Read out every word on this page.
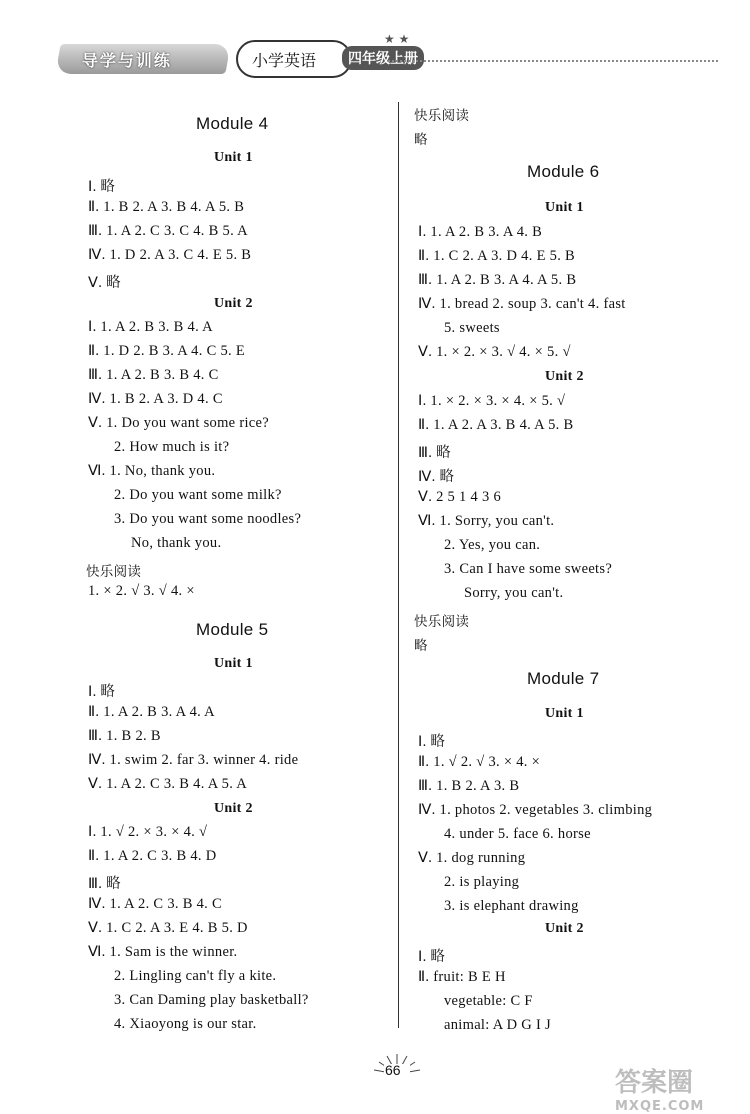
导学与训练	小学英语	四年级上册
★ ★
Module 4
Unit 1
Ⅰ. 略
Ⅱ. 1. B 2. A 3. B 4. A 5. B
Ⅲ. 1. A 2. C 3. C 4. B 5. A
Ⅳ. 1. D 2. A 3. C 4. E 5. B
Ⅴ. 略
Unit 2
Ⅰ. 1. A 2. B 3. B 4. A
Ⅱ. 1. D 2. B 3. A 4. C 5. E
Ⅲ. 1. A 2. B 3. B 4. C
Ⅳ. 1. B 2. A 3. D 4. C
Ⅴ. 1. Do you want some rice?
2. How much is it?
Ⅵ. 1. No, thank you.
2. Do you want some milk?
3. Do you want some noodles?
No, thank you.
快乐阅读
1. × 2. √ 3. √ 4. ×
Module 5
Unit 1
Ⅰ. 略
Ⅱ. 1. A 2. B 3. A 4. A
Ⅲ. 1. B 2. B
Ⅳ. 1. swim 2. far 3. winner 4. ride
Ⅴ. 1. A 2. C 3. B 4. A 5. A
Unit 2
Ⅰ. 1. √ 2. × 3. × 4. √
Ⅱ. 1. A 2. C 3. B 4. D
Ⅲ. 略
Ⅳ. 1. A 2. C 3. B 4. C
Ⅴ. 1. C 2. A 3. E 4. B 5. D
Ⅵ. 1. Sam is the winner.
2. Lingling can't fly a kite.
3. Can Daming play basketball?
4. Xiaoyong is our star.
快乐阅读
略
Module 6
Unit 1
Ⅰ. 1. A 2. B 3. A 4. B
Ⅱ. 1. C 2. A 3. D 4. E 5. B
Ⅲ. 1. A 2. B 3. A 4. A 5. B
Ⅳ. 1. bread 2. soup 3. can't 4. fast
5. sweets
Ⅴ. 1. × 2. × 3. √ 4. × 5. √
Unit 2
Ⅰ. 1. × 2. × 3. × 4. × 5. √
Ⅱ. 1. A 2. A 3. B 4. A 5. B
Ⅲ. 略
Ⅳ. 略
Ⅴ. 2 5 1 4 3 6
Ⅵ. 1. Sorry, you can't.
2. Yes, you can.
3. Can I have some sweets?
Sorry, you can't.
快乐阅读
略
Module 7
Unit 1
Ⅰ. 略
Ⅱ. 1. √ 2. √ 3. × 4. ×
Ⅲ. 1. B 2. A 3. B
Ⅳ. 1. photos 2. vegetables 3. climbing
4. under 5. face 6. horse
Ⅴ. 1. dog running
2. is playing
3. is elephant drawing
Unit 2
Ⅰ. 略
Ⅱ. fruit: B E H
vegetable: C F
animal: A D G I J
66	答案圈
MXQE.COM
